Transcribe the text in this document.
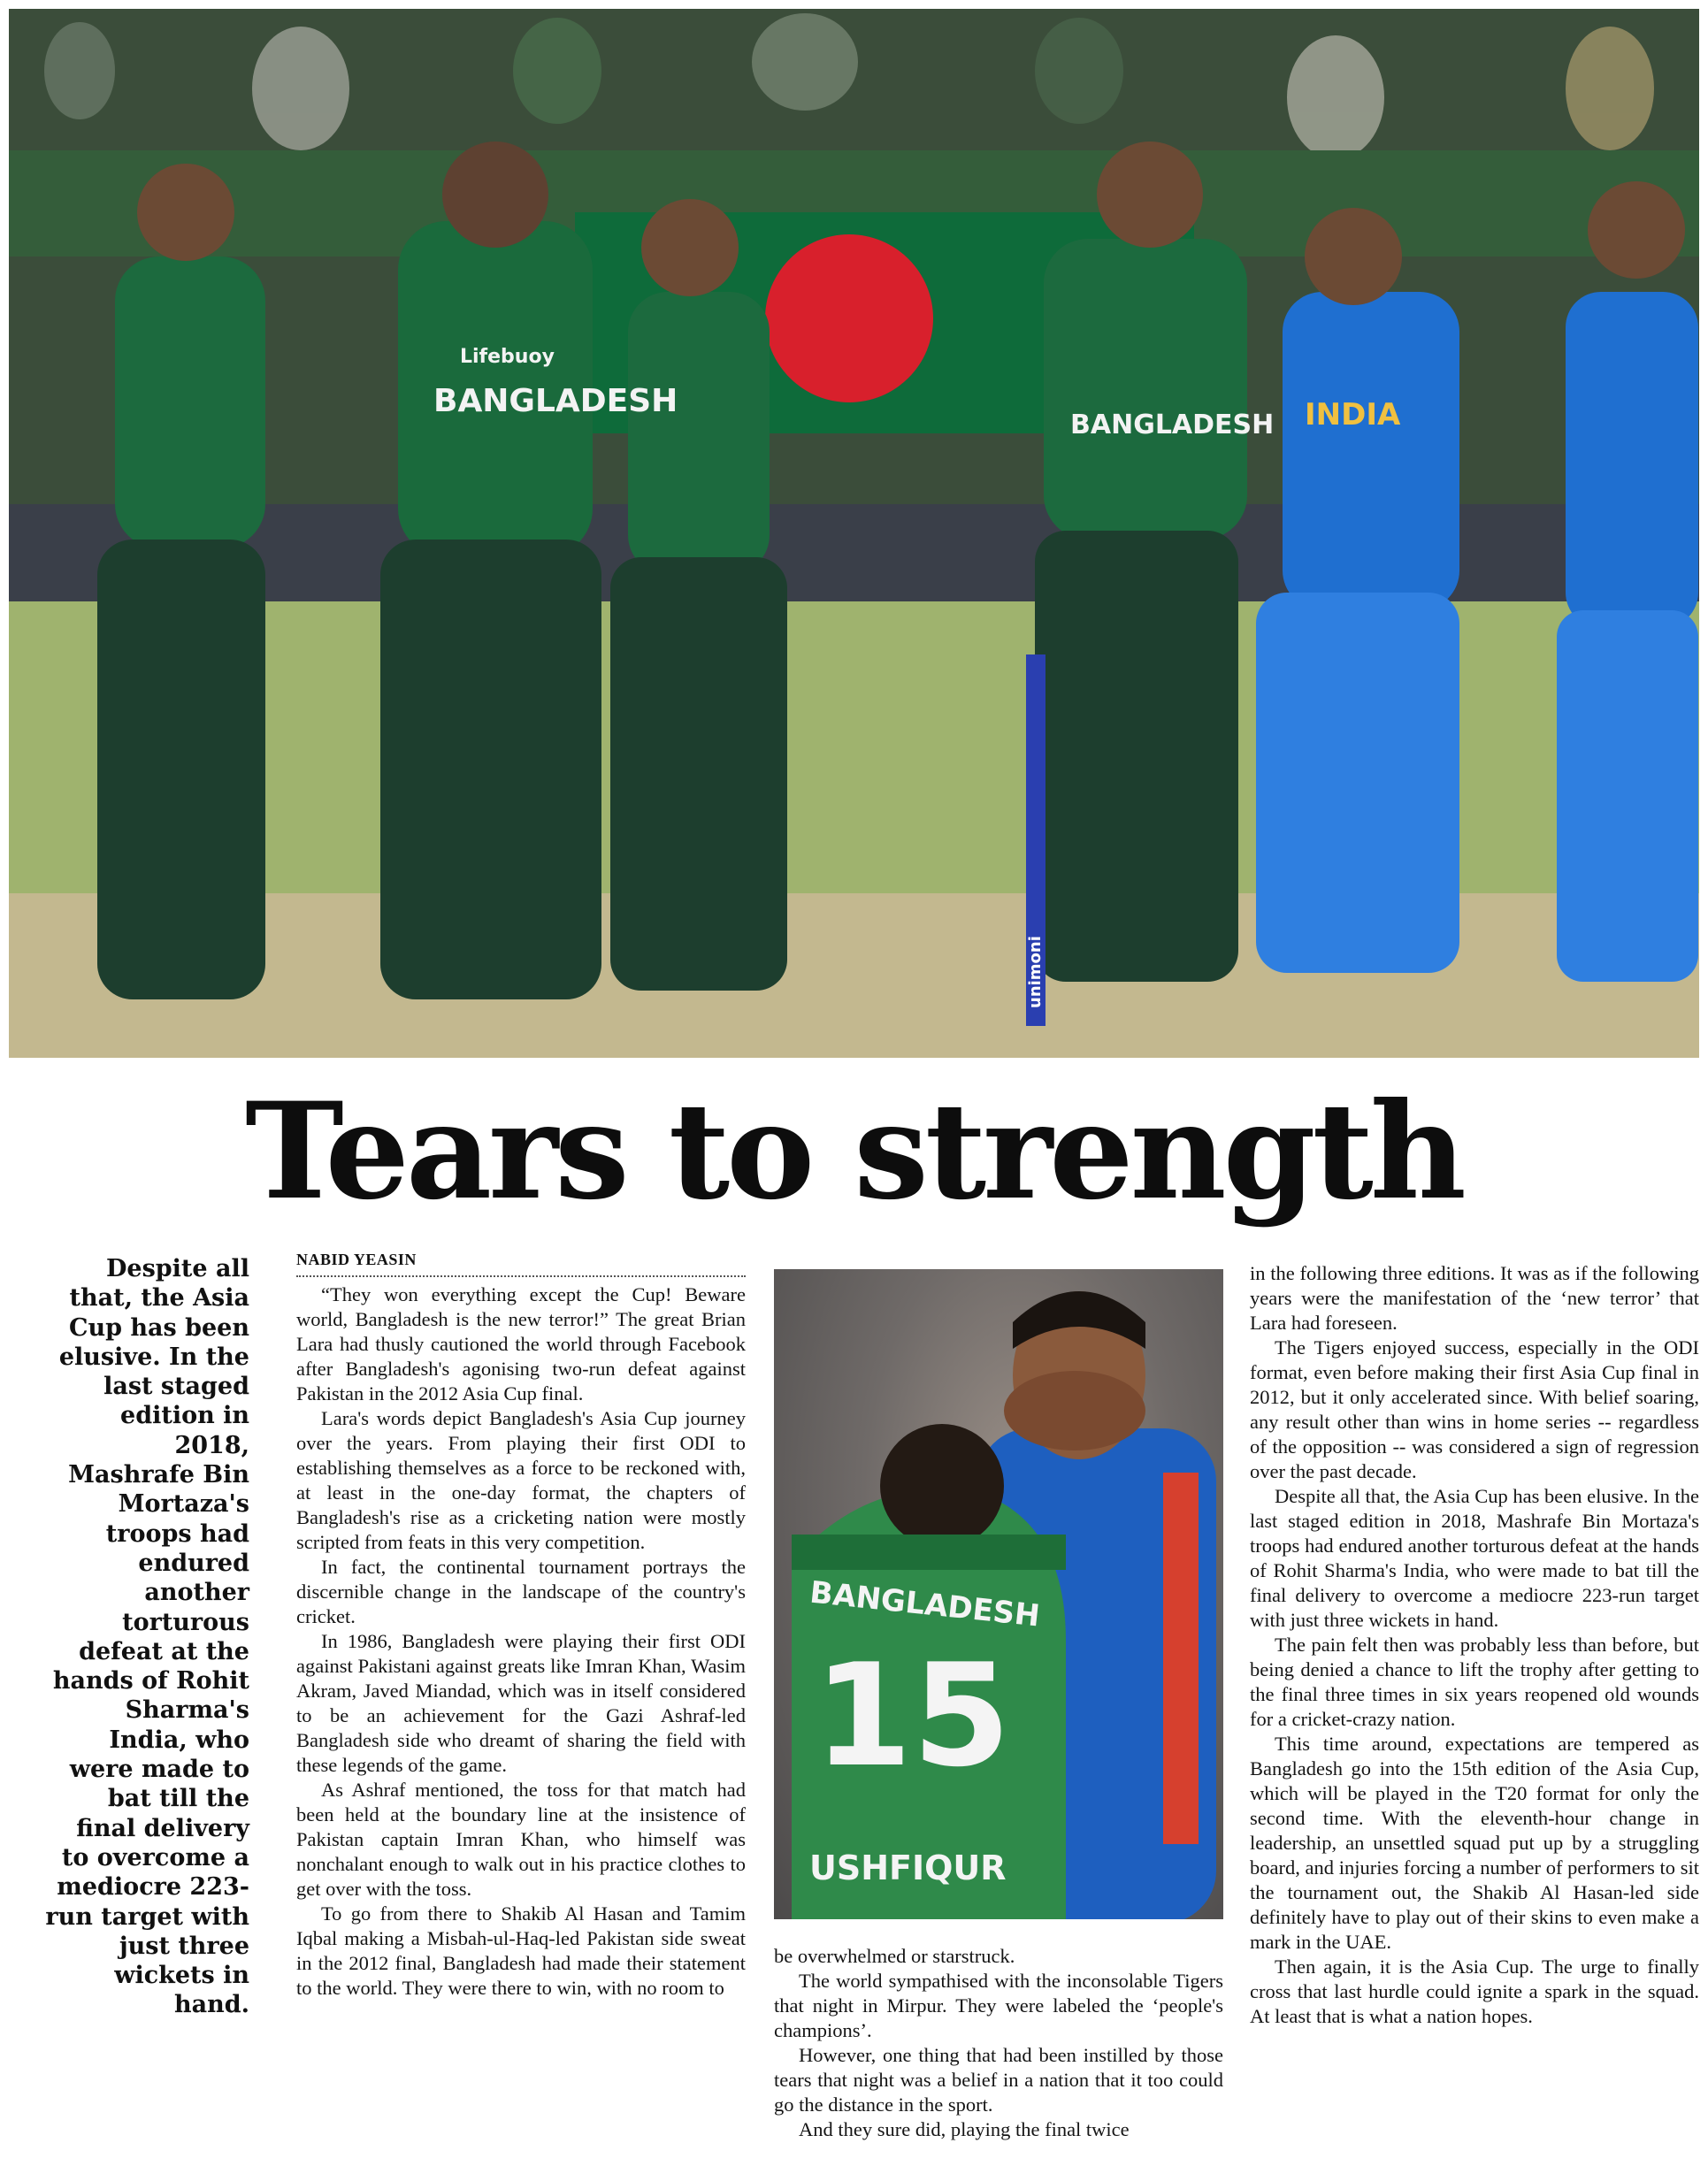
BANGLADESH
Lifebuoy
BANGLADESH INDIA
unimoni
Tears to strength

Despite all that, the Asia Cup has been elusive. In the last staged edition in 2018, Mashrafe Bin Mortaza's troops had endured another torturous defeat at the hands of Rohit Sharma's India, who were made to bat till the final delivery to overcome a mediocre 223-run target with just three wickets in hand.

NABID YEASIN

“They won everything except the Cup! Beware world, Bangladesh is the new terror!” The great Brian Lara had thusly cautioned the world through Facebook after Bangladesh's agonising two-run defeat against Pakistan in the 2012 Asia Cup final.

Lara's words depict Bangladesh's Asia Cup journey over the years. From playing their first ODI to establishing themselves as a force to be reckoned with, at least in the one-day format, the chapters of Bangladesh's rise as a cricketing nation were mostly scripted from feats in this very competition.

In fact, the continental tournament portrays the discernible change in the landscape of the country's cricket.

In 1986, Bangladesh were playing their first ODI against Pakistani against greats like Imran Khan, Wasim Akram, Javed Miandad, which was in itself considered to be an achievement for the Gazi Ashraf-led Bangladesh side who dreamt of sharing the field with these legends of the game.

As Ashraf mentioned, the toss for that match had been held at the boundary line at the insistence of Pakistan captain Imran Khan, who himself was nonchalant enough to walk out in his practice clothes to get over with the toss.

To go from there to Shakib Al Hasan and Tamim Iqbal making a Misbah-ul-Haq-led Pakistan side sweat in the 2012 final, Bangladesh had made their statement to the world. They were there to win, with no room to

BANGLADESH
15
USHFIQUR

be overwhelmed or starstruck.

The world sympathised with the inconsolable Tigers that night in Mirpur. They were labeled the ‘people's champions’.

However, one thing that had been instilled by those tears that night was a belief in a nation that it too could go the distance in the sport.

And they sure did, playing the final twice

in the following three editions. It was as if the following years were the manifestation of the ‘new terror’ that Lara had foreseen.

The Tigers enjoyed success, especially in the ODI format, even before making their first Asia Cup final in 2012, but it only accelerated since. With belief soaring, any result other than wins in home series -- regardless of the opposition -- was considered a sign of regression over the past decade.

Despite all that, the Asia Cup has been elusive. In the last staged edition in 2018, Mashrafe Bin Mortaza's troops had endured another torturous defeat at the hands of Rohit Sharma's India, who were made to bat till the final delivery to overcome a mediocre 223-run target with just three wickets in hand.

The pain felt then was probably less than before, but being denied a chance to lift the trophy after getting to the final three times in six years reopened old wounds for a cricket-crazy nation.

This time around, expectations are tempered as Bangladesh go into the 15th edition of the Asia Cup, which will be played in the T20 format for only the second time. With the eleventh-hour change in leadership, an unsettled squad put up by a struggling board, and injuries forcing a number of performers to sit the tournament out, the Shakib Al Hasan-led side definitely have to play out of their skins to even make a mark in the UAE.

Then again, it is the Asia Cup. The urge to finally cross that last hurdle could ignite a spark in the squad. At least that is what a nation hopes.
